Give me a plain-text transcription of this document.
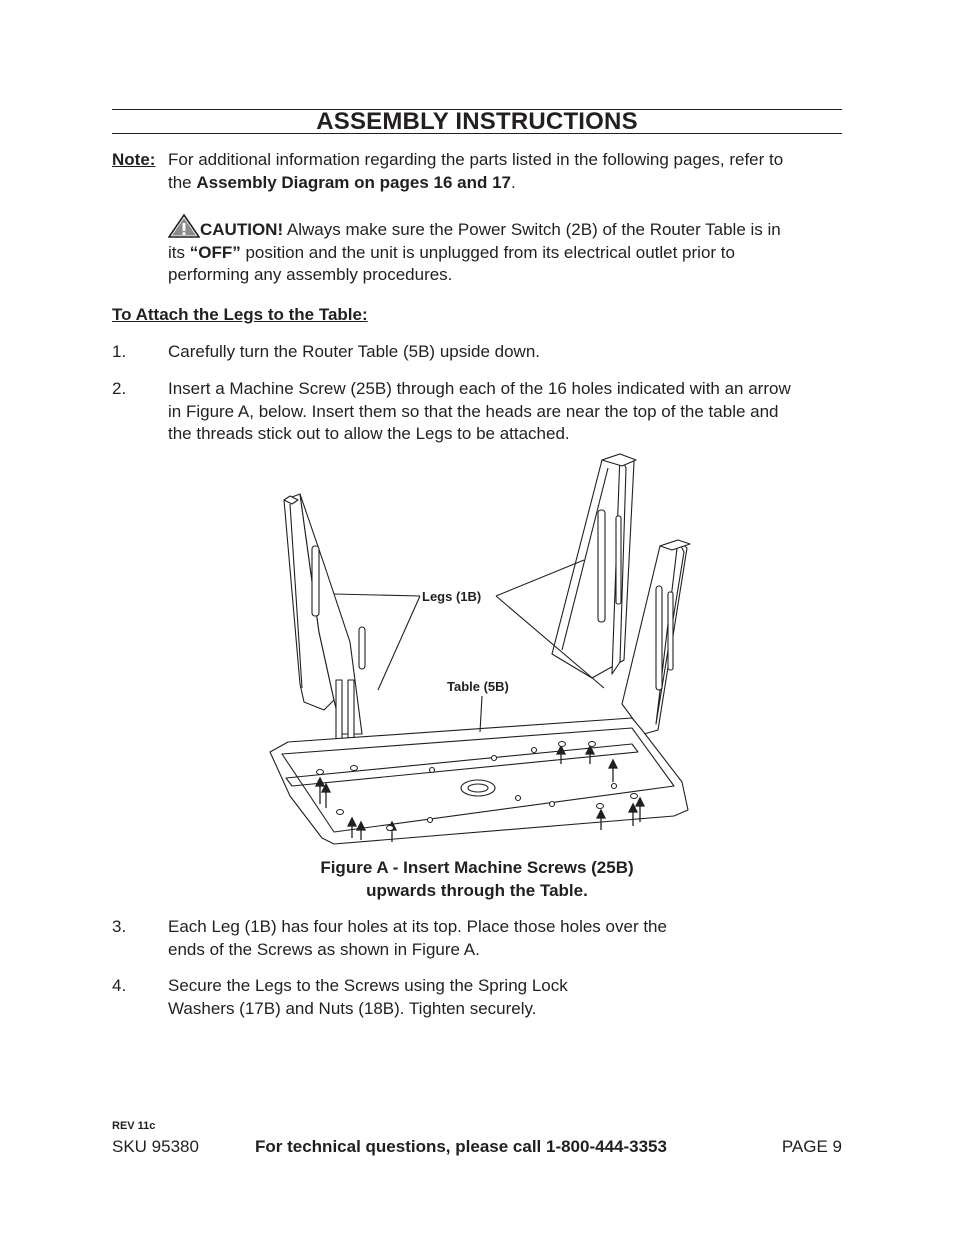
ASSEMBLY INSTRUCTIONS
Note: For additional information regarding the parts listed in the following pages, refer to the Assembly Diagram on pages 16 and 17.
CAUTION! Always make sure the Power Switch (2B) of the Router Table is in its “OFF” position and the unit is unplugged from its electrical outlet prior to performing any assembly procedures.
To Attach the Legs to the Table:
1. Carefully turn the Router Table (5B) upside down.
2. Insert a Machine Screw (25B) through each of the 16 holes indicated with an arrow in Figure A, below. Insert them so that the heads are near the top of the table and the threads stick out to allow the Legs to be attached.
Legs (1B)
Table (5B)
Figure A - Insert Machine Screws (25B)
upwards through the Table.
3. Each Leg (1B) has four holes at its top. Place those holes over the ends of the Screws as shown in Figure A.
4. Secure the Legs to the Screws using the Spring Lock Washers (17B) and Nuts (18B). Tighten securely.
REV 11c
SKU 95380	For technical questions, please call 1-800-444-3353	PAGE 9
